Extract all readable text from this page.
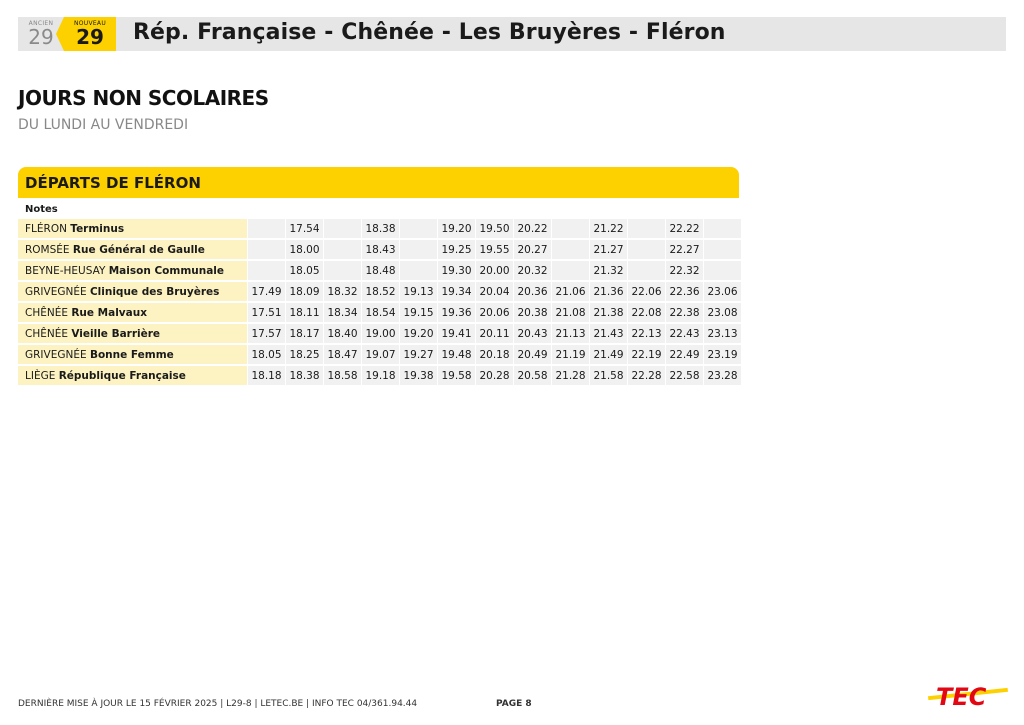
ANCIEN
29
NOUVEAU
29	Rép. Française - Chênée - Les Bruyères - Fléron
JOURS NON SCOLAIRES
DU LUNDI AU VENDREDI
DÉPARTS DE FLÉRON
Notes
FLÉRON Terminus		17.54		18.38		19.20	19.50	20.22		21.22		22.22	
ROMSÉE Rue Général de Gaulle		18.00		18.43		19.25	19.55	20.27		21.27		22.27	
BEYNE-HEUSAY Maison Communale		18.05		18.48		19.30	20.00	20.32		21.32		22.32	
GRIVEGNÉE Clinique des Bruyères	17.49	18.09	18.32	18.52	19.13	19.34	20.04	20.36	21.06	21.36	22.06	22.36	23.06
CHÊNÉE Rue Malvaux	17.51	18.11	18.34	18.54	19.15	19.36	20.06	20.38	21.08	21.38	22.08	22.38	23.08
CHÊNÉE Vieille Barrière	17.57	18.17	18.40	19.00	19.20	19.41	20.11	20.43	21.13	21.43	22.13	22.43	23.13
GRIVEGNÉE Bonne Femme	18.05	18.25	18.47	19.07	19.27	19.48	20.18	20.49	21.19	21.49	22.19	22.49	23.19
LIÈGE République Française	18.18	18.38	18.58	19.18	19.38	19.58	20.28	20.58	21.28	21.58	22.28	22.58	23.28
DERNIÈRE MISE À JOUR LE 15 FÉVRIER 2025 | L29-8 | LETEC.BE | INFO TEC 04/361.94.44	PAGE 8	TEC
